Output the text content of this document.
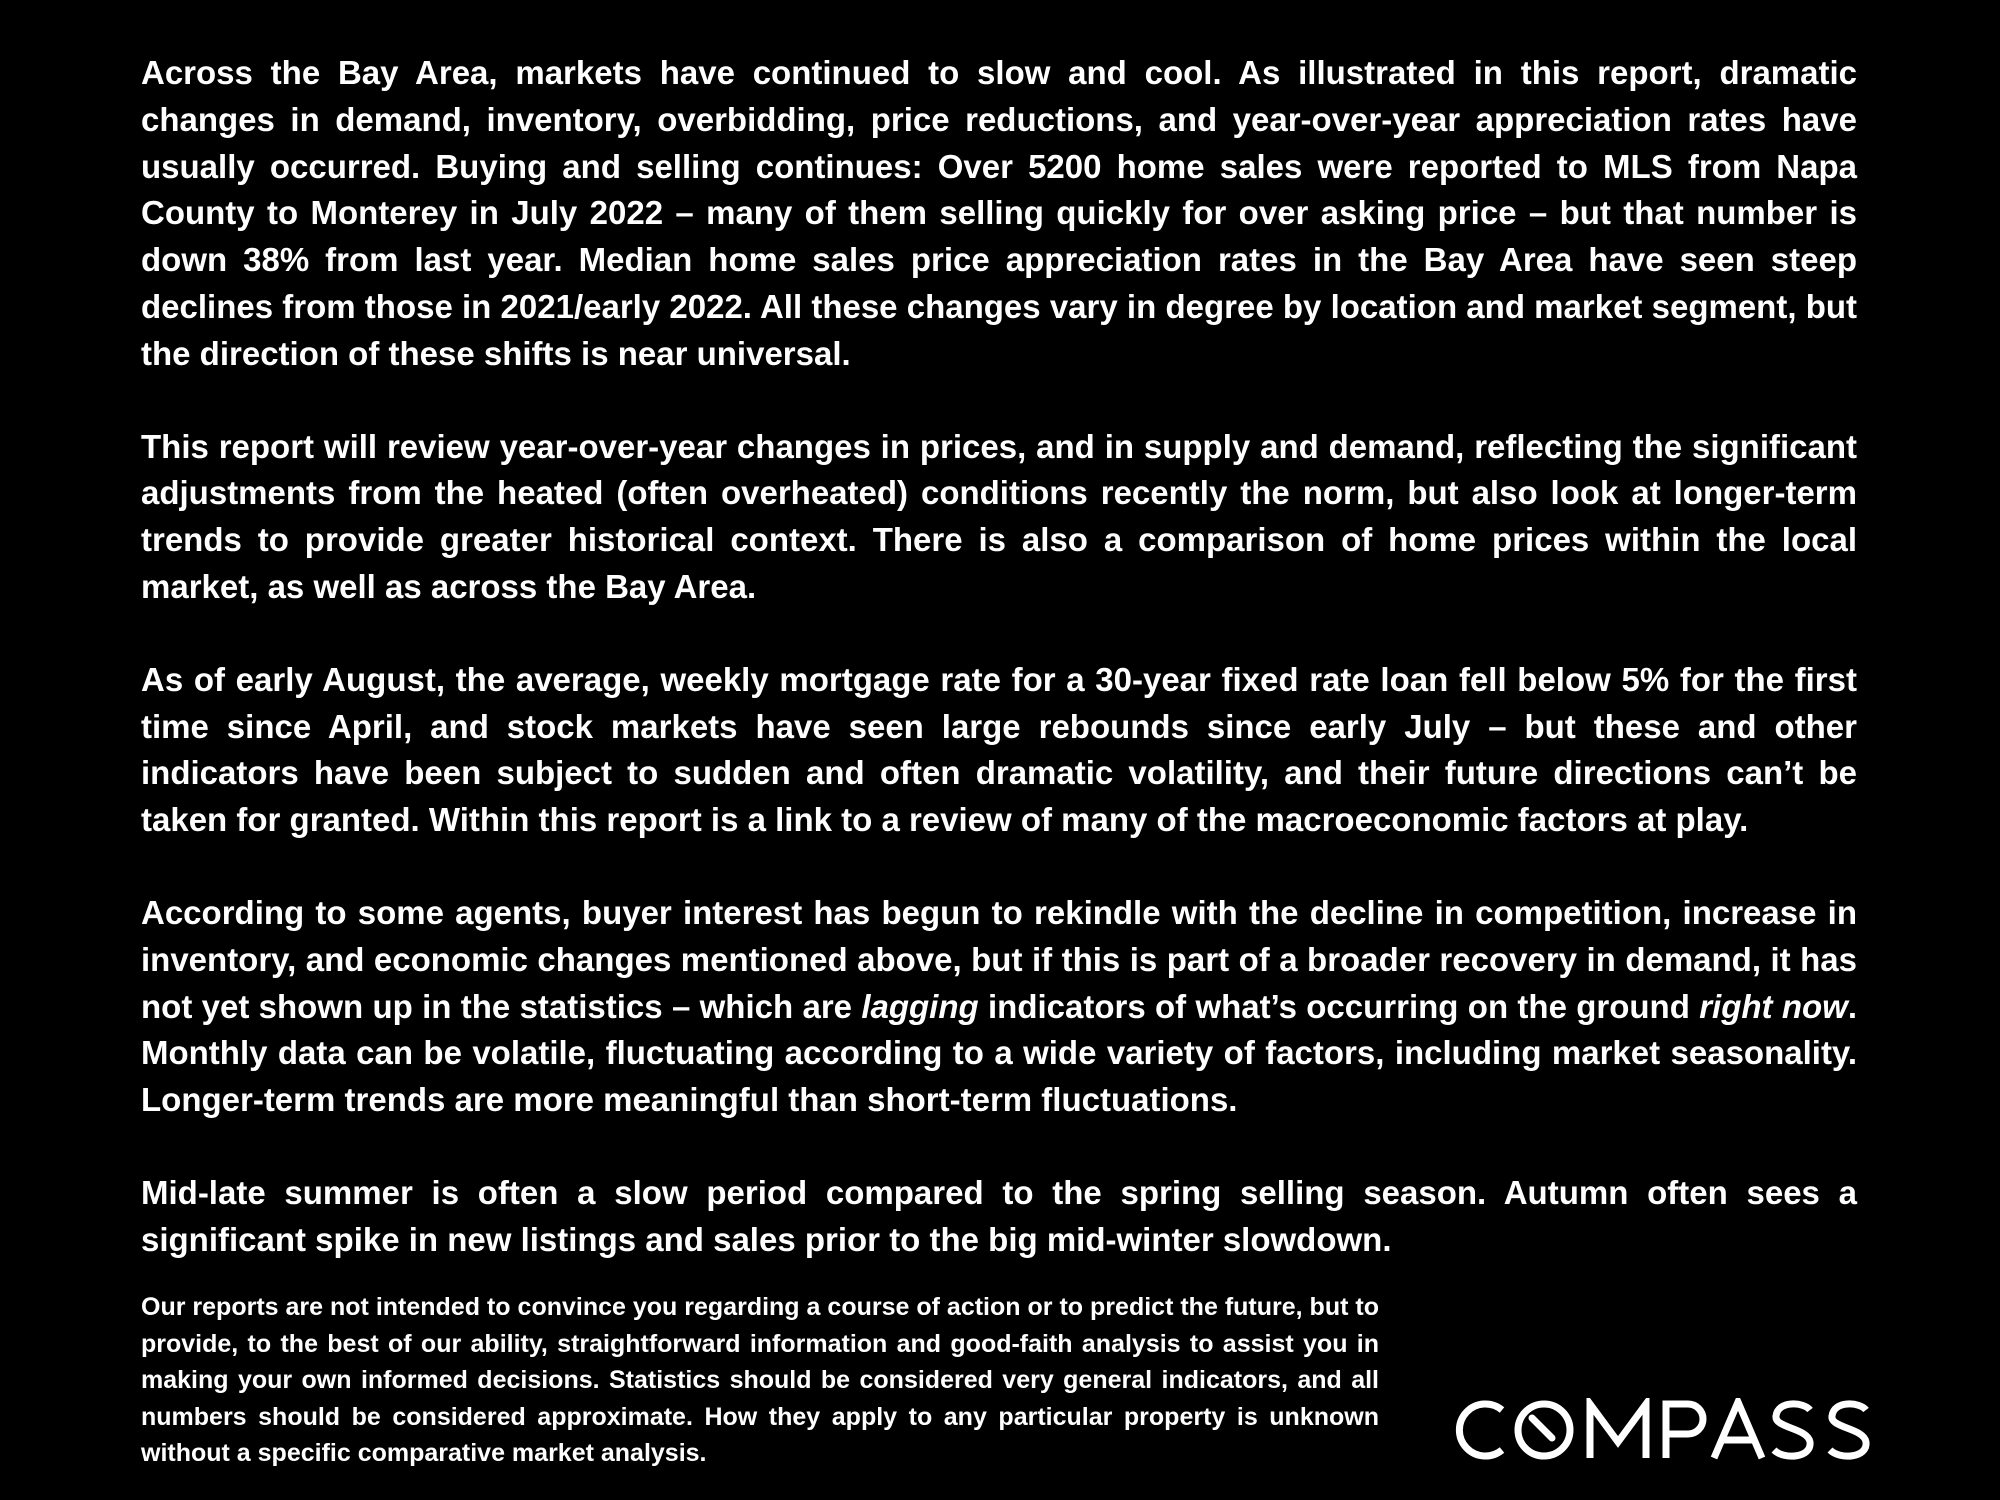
Across the Bay Area, markets have continued to slow and cool. As illustrated in this report, dramatic changes in demand, inventory, overbidding, price reductions, and year-over-year appreciation rates have usually occurred. Buying and selling continues: Over 5200 home sales were reported to MLS from Napa County to Monterey in July 2022 – many of them selling quickly for over asking price – but that number is down 38% from last year. Median home sales price appreciation rates in the Bay Area have seen steep declines from those in 2021/early 2022. All these changes vary in degree by location and market segment, but the direction of these shifts is near universal.

This report will review year-over-year changes in prices, and in supply and demand, reflecting the significant adjustments from the heated (often overheated) conditions recently the norm, but also look at longer-term trends to provide greater historical context. There is also a comparison of home prices within the local market, as well as across the Bay Area.

As of early August, the average, weekly mortgage rate for a 30-year fixed rate loan fell below 5% for the first time since April, and stock markets have seen large rebounds since early July – but these and other indicators have been subject to sudden and often dramatic volatility, and their future directions can’t be taken for granted. Within this report is a link to a review of many of the macroeconomic factors at play.

According to some agents, buyer interest has begun to rekindle with the decline in competition, increase in inventory, and economic changes mentioned above, but if this is part of a broader recovery in demand, it has not yet shown up in the statistics – which are lagging indicators of what’s occurring on the ground right now. Monthly data can be volatile, fluctuating according to a wide variety of factors, including market seasonality. Longer-term trends are more meaningful than short-term fluctuations.

Mid-late summer is often a slow period compared to the spring selling season. Autumn often sees a significant spike in new listings and sales prior to the big mid-winter slowdown.

Our reports are not intended to convince you regarding a course of action or to predict the future, but to provide, to the best of our ability, straightforward information and good-faith analysis to assist you in making your own informed decisions. Statistics should be considered very general indicators, and all numbers should be considered approximate. How they apply to any particular property is unknown without a specific comparative market analysis.
